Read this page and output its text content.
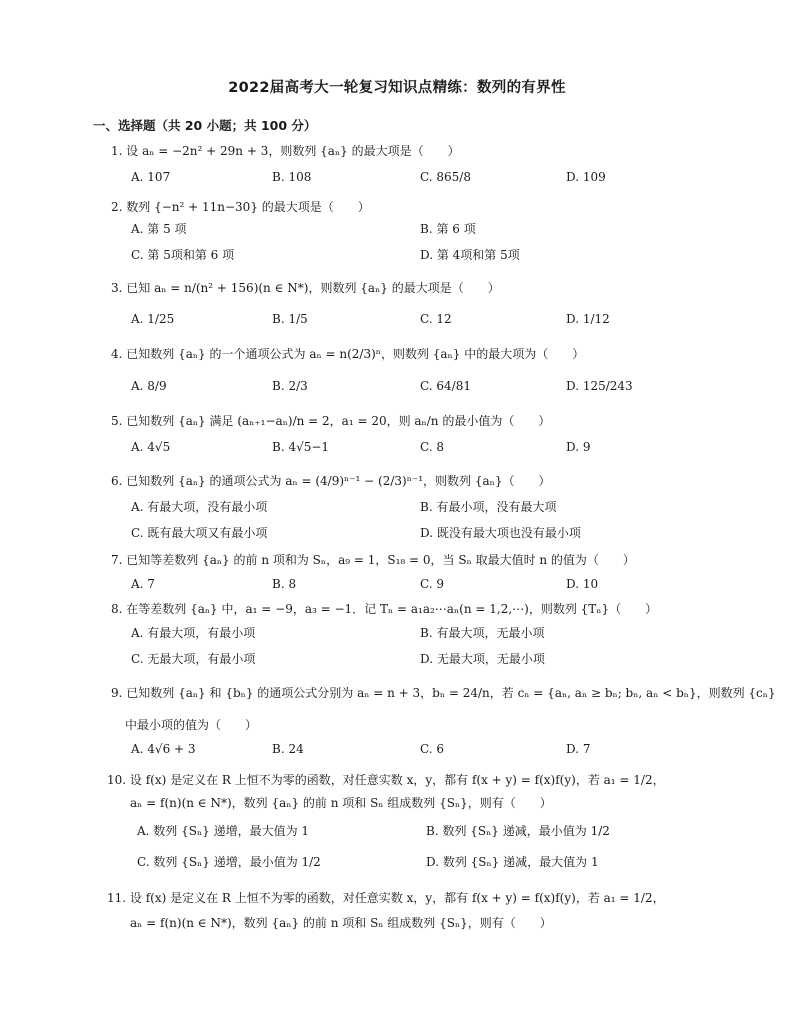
2022届高考大一轮复习知识点精练：数列的有界性
一、选择题（共 20 小题；共 100 分）
1. 设 aₙ = −2n² + 29n + 3，则数列 {aₙ} 的最大项是（　　）
A. 107	B. 108	C. 865/8	D. 109
2. 数列 {−n² + 11n−30} 的最大项是（　　）
A. 第 5 项	B. 第 6 项
C. 第 5项和第 6 项	D. 第 4项和第 5项
3. 已知 aₙ = n/(n² + 156)(n ∈ N*)，则数列 {aₙ} 的最大项是（　　）
A. 1/25	B. 1/5	C. 12	D. 1/12
4. 已知数列 {aₙ} 的一个通项公式为 aₙ = n(2/3)ⁿ，则数列 {aₙ} 中的最大项为（　　）
A. 8/9	B. 2/3	C. 64/81	D. 125/243
5. 已知数列 {aₙ} 满足 (aₙ₊₁−aₙ)/n = 2，a₁ = 20，则 aₙ/n 的最小值为（　　）
A. 4√5	B. 4√5−1	C. 8	D. 9
6. 已知数列 {aₙ} 的通项公式为 aₙ = (4/9)ⁿ⁻¹ − (2/3)ⁿ⁻¹，则数列 {aₙ}（　　）
A. 有最大项，没有最小项	B. 有最小项，没有最大项
C. 既有最大项又有最小项	D. 既没有最大项也没有最小项
7. 已知等差数列 {aₙ} 的前 n 项和为 Sₙ，a₉ = 1，S₁₈ = 0，当 Sₙ 取最大值时 n 的值为（　　）
A. 7	B. 8	C. 9	D. 10
8. 在等差数列 {aₙ} 中，a₁ = −9，a₃ = −1．记 Tₙ = a₁a₂⋯aₙ(n = 1,2,⋯)，则数列 {Tₙ}（　　）
A. 有最大项，有最小项	B. 有最大项，无最小项
C. 无最大项，有最小项	D. 无最大项，无最小项
9. 已知数列 {aₙ} 和 {bₙ} 的通项公式分别为 aₙ = n + 3，bₙ = 24/n，若 cₙ = {aₙ, aₙ ≥ bₙ; bₙ, aₙ < bₙ}，则数列 {cₙ}
中最小项的值为（　　）
A. 4√6 + 3	B. 24	C. 6	D. 7
10. 设 f(x) 是定义在 R 上恒不为零的函数，对任意实数 x，y，都有 f(x + y) = f(x)f(y)，若 a₁ = 1/2，
aₙ = f(n)(n ∈ N*)，数列 {aₙ} 的前 n 项和 Sₙ 组成数列 {Sₙ}，则有（　　）
A. 数列 {Sₙ} 递增，最大值为 1	B. 数列 {Sₙ} 递减，最小值为 1/2
C. 数列 {Sₙ} 递增，最小值为 1/2	D. 数列 {Sₙ} 递减，最大值为 1
11. 设 f(x) 是定义在 R 上恒不为零的函数，对任意实数 x，y，都有 f(x + y) = f(x)f(y)，若 a₁ = 1/2，
aₙ = f(n)(n ∈ N*)，数列 {aₙ} 的前 n 项和 Sₙ 组成数列 {Sₙ}，则有（　　）
